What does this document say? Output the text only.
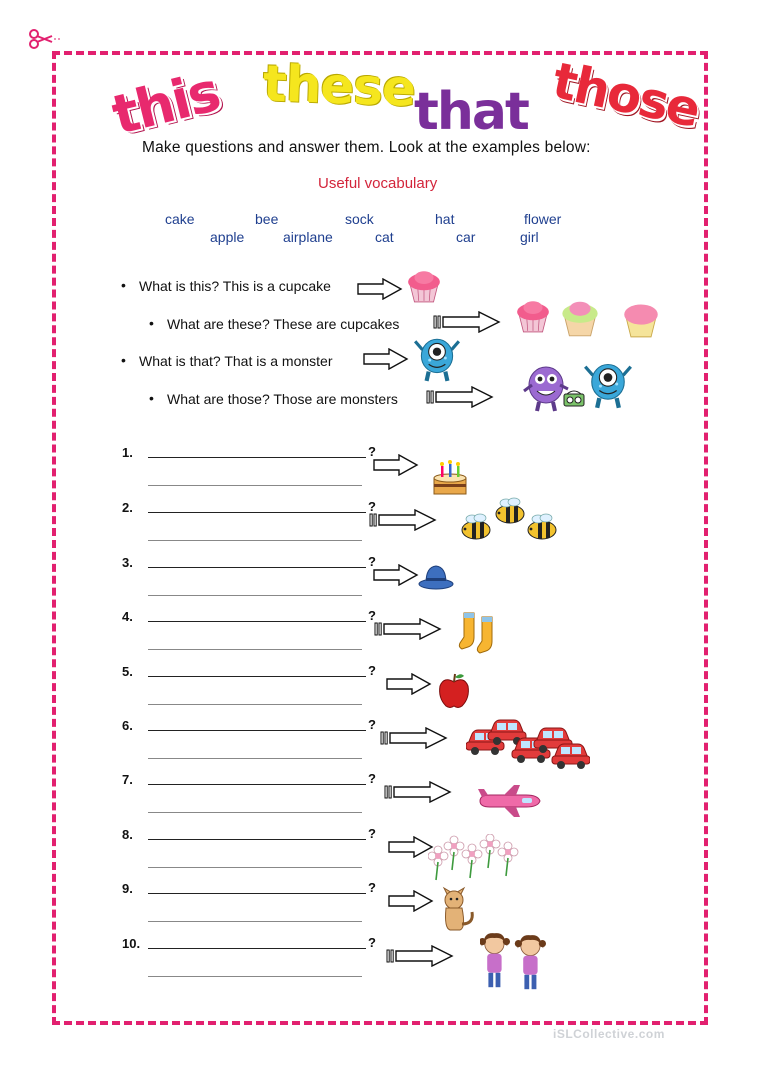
this these
that those
Make questions and answer them. Look at the examples below:
Useful vocabulary
cake	bee	sock	hat	flower
apple	airplane	cat	car	girl
• What is this? This is a cupcake
• What are these? These are cupcakes
• What is that? That is a monster
• What are those? Those are monsters
1.	?
2.	?
3.	?
4.	?
5.	?
6.	?
7.	?
8.	?
9.	?
10.	?
iSLCollective.com
